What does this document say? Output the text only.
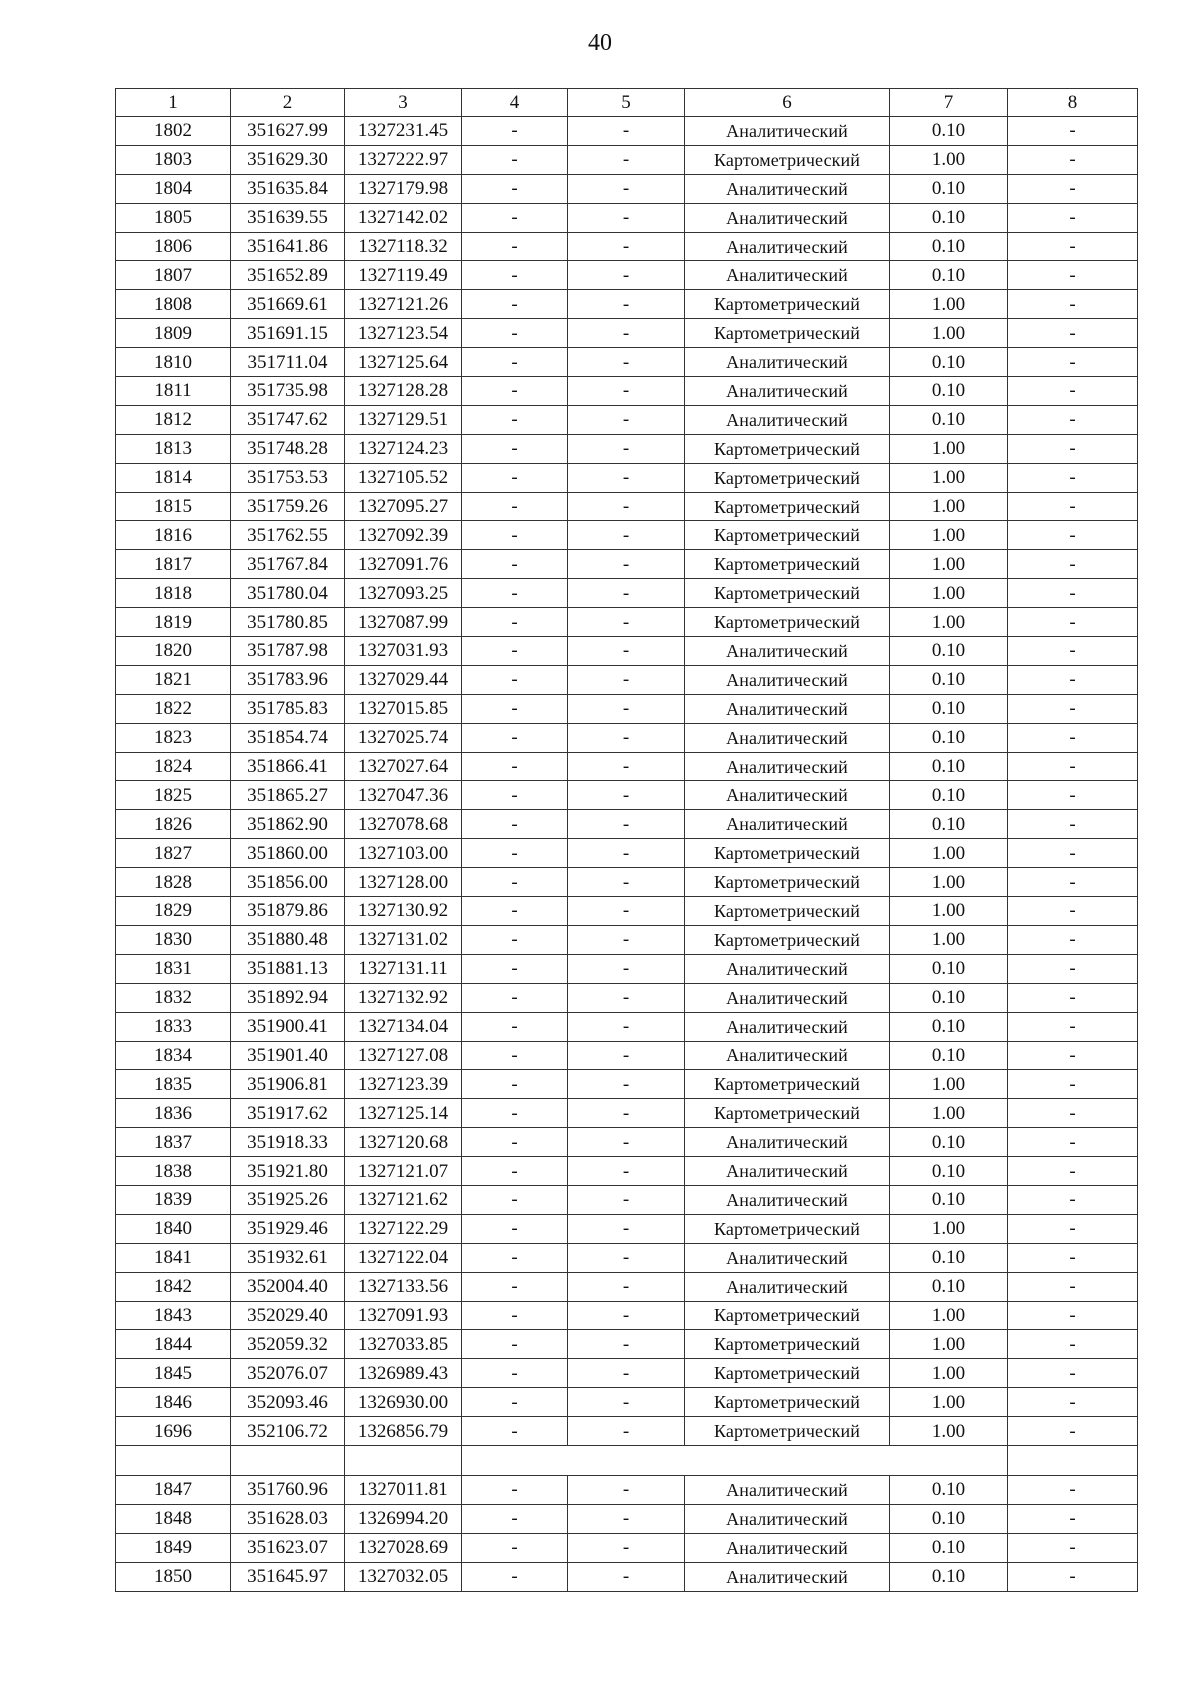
40
1	2	3	4	5	6	7	8
1802	351627.99	1327231.45	-	-	Аналитический	0.10	-
1803	351629.30	1327222.97	-	-	Картометрический	1.00	-
1804	351635.84	1327179.98	-	-	Аналитический	0.10	-
1805	351639.55	1327142.02	-	-	Аналитический	0.10	-
1806	351641.86	1327118.32	-	-	Аналитический	0.10	-
1807	351652.89	1327119.49	-	-	Аналитический	0.10	-
1808	351669.61	1327121.26	-	-	Картометрический	1.00	-
1809	351691.15	1327123.54	-	-	Картометрический	1.00	-
1810	351711.04	1327125.64	-	-	Аналитический	0.10	-
1811	351735.98	1327128.28	-	-	Аналитический	0.10	-
1812	351747.62	1327129.51	-	-	Аналитический	0.10	-
1813	351748.28	1327124.23	-	-	Картометрический	1.00	-
1814	351753.53	1327105.52	-	-	Картометрический	1.00	-
1815	351759.26	1327095.27	-	-	Картометрический	1.00	-
1816	351762.55	1327092.39	-	-	Картометрический	1.00	-
1817	351767.84	1327091.76	-	-	Картометрический	1.00	-
1818	351780.04	1327093.25	-	-	Картометрический	1.00	-
1819	351780.85	1327087.99	-	-	Картометрический	1.00	-
1820	351787.98	1327031.93	-	-	Аналитический	0.10	-
1821	351783.96	1327029.44	-	-	Аналитический	0.10	-
1822	351785.83	1327015.85	-	-	Аналитический	0.10	-
1823	351854.74	1327025.74	-	-	Аналитический	0.10	-
1824	351866.41	1327027.64	-	-	Аналитический	0.10	-
1825	351865.27	1327047.36	-	-	Аналитический	0.10	-
1826	351862.90	1327078.68	-	-	Аналитический	0.10	-
1827	351860.00	1327103.00	-	-	Картометрический	1.00	-
1828	351856.00	1327128.00	-	-	Картометрический	1.00	-
1829	351879.86	1327130.92	-	-	Картометрический	1.00	-
1830	351880.48	1327131.02	-	-	Картометрический	1.00	-
1831	351881.13	1327131.11	-	-	Аналитический	0.10	-
1832	351892.94	1327132.92	-	-	Аналитический	0.10	-
1833	351900.41	1327134.04	-	-	Аналитический	0.10	-
1834	351901.40	1327127.08	-	-	Аналитический	0.10	-
1835	351906.81	1327123.39	-	-	Картометрический	1.00	-
1836	351917.62	1327125.14	-	-	Картометрический	1.00	-
1837	351918.33	1327120.68	-	-	Аналитический	0.10	-
1838	351921.80	1327121.07	-	-	Аналитический	0.10	-
1839	351925.26	1327121.62	-	-	Аналитический	0.10	-
1840	351929.46	1327122.29	-	-	Картометрический	1.00	-
1841	351932.61	1327122.04	-	-	Аналитический	0.10	-
1842	352004.40	1327133.56	-	-	Аналитический	0.10	-
1843	352029.40	1327091.93	-	-	Картометрический	1.00	-
1844	352059.32	1327033.85	-	-	Картометрический	1.00	-
1845	352076.07	1326989.43	-	-	Картометрический	1.00	-
1846	352093.46	1326930.00	-	-	Картометрический	1.00	-
1696	352106.72	1326856.79	-	-	Картометрический	1.00	-

1847	351760.96	1327011.81	-	-	Аналитический	0.10	-
1848	351628.03	1326994.20	-	-	Аналитический	0.10	-
1849	351623.07	1327028.69	-	-	Аналитический	0.10	-
1850	351645.97	1327032.05	-	-	Аналитический	0.10	-
